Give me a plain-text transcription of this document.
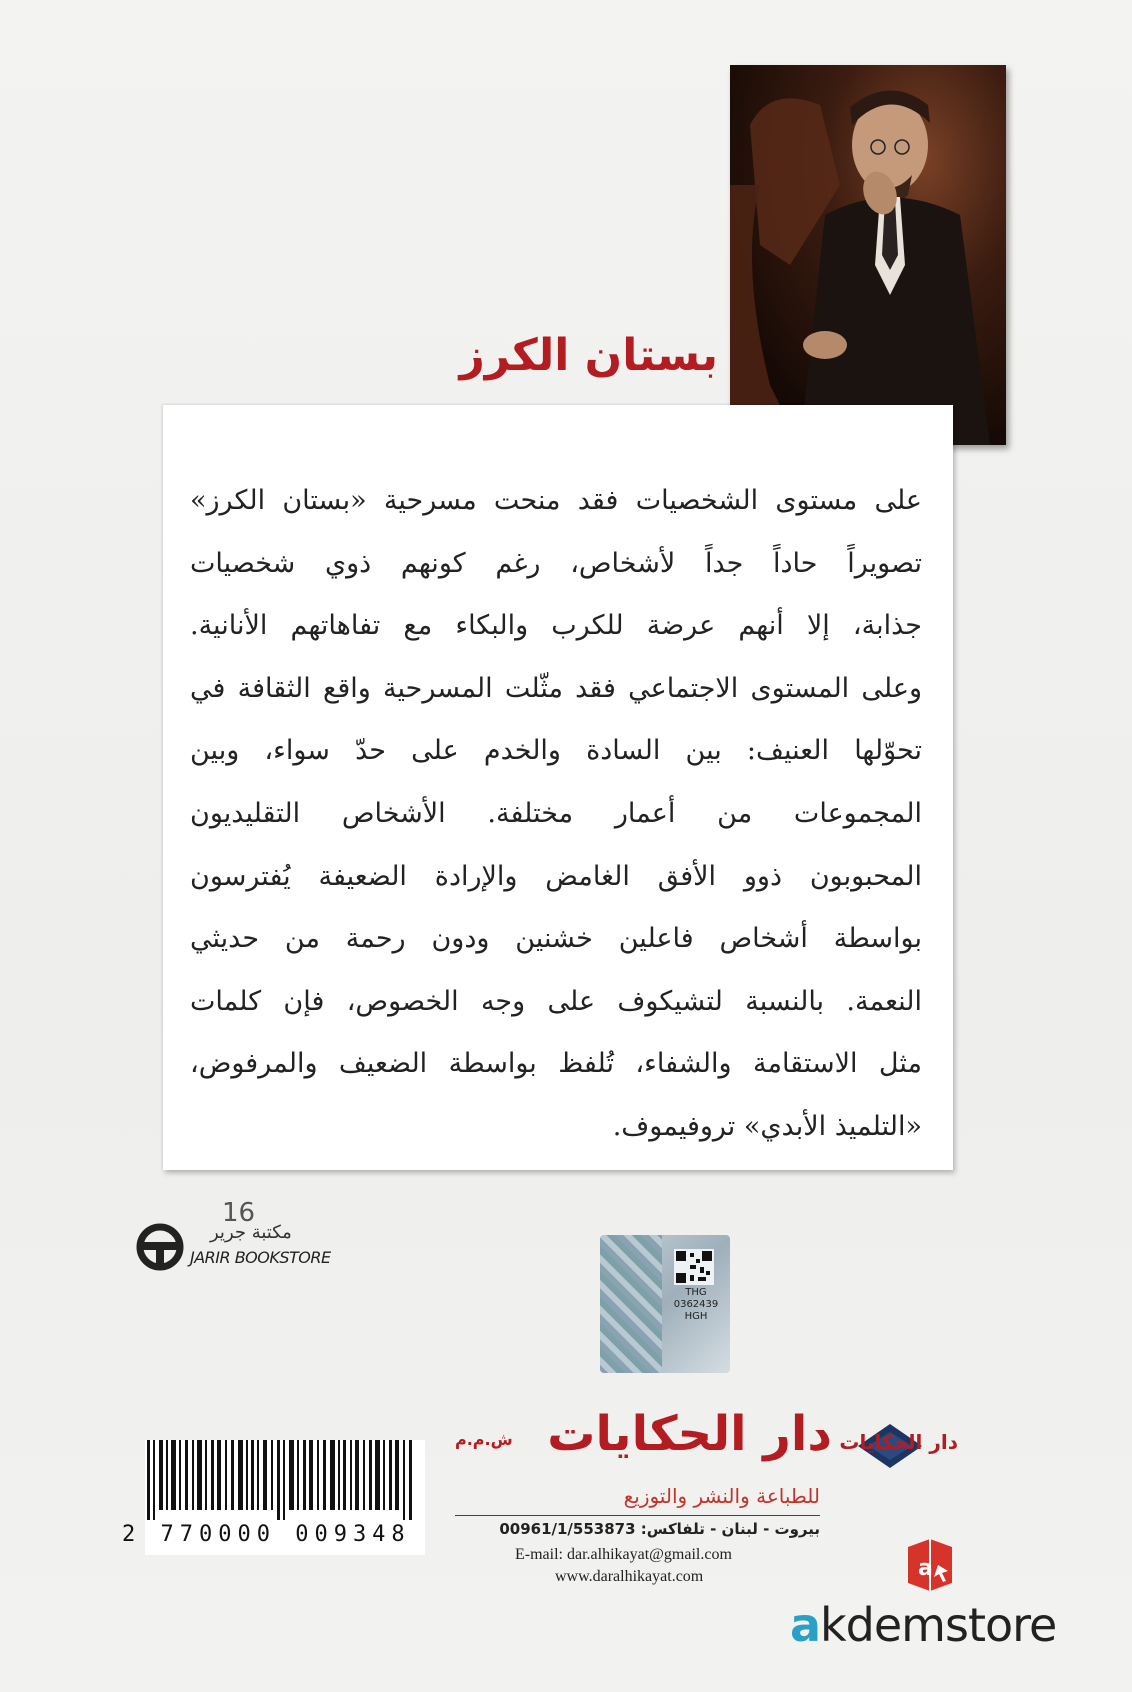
بستان الكرز
على مستوى الشخصيات فقد منحت مسرحية «بستان الكرز»
تصويراً حاداً جداً لأشخاص، رغم كونهم ذوي شخصيات
جذابة، إلا أنهم عرضة للكرب والبكاء مع تفاهاتهم الأنانية.
وعلى المستوى الاجتماعي فقد مثّلت المسرحية واقع الثقافة في
تحوّلها العنيف: بين السادة والخدم على حدّ سواء، وبين
المجموعات من أعمار مختلفة. الأشخاص التقليديون
المحبوبون ذوو الأفق الغامض والإرادة الضعيفة يُفترسون
بواسطة أشخاص فاعلين خشنين ودون رحمة من حديثي
النعمة. بالنسبة لتشيكوف على وجه الخصوص، فإن كلمات
مثل الاستقامة والشفاء، تُلفظ بواسطة الضعيف والمرفوض،
«التلميذ الأبدي» تروفيموف.
16
مكتبة جرير
JARIR BOOKSTORE
THG
0362439
HGH
2 770000 009348
دار الحكايات
دار الحكايات
ش.م.م
للطباعة والنشر والتوزيع
بيروت - لبنان - تلفاكس: 00961/1/553873
E-mail: dar.alhikayat@gmail.com
www.daralhikayat.com	a
akdemstore
